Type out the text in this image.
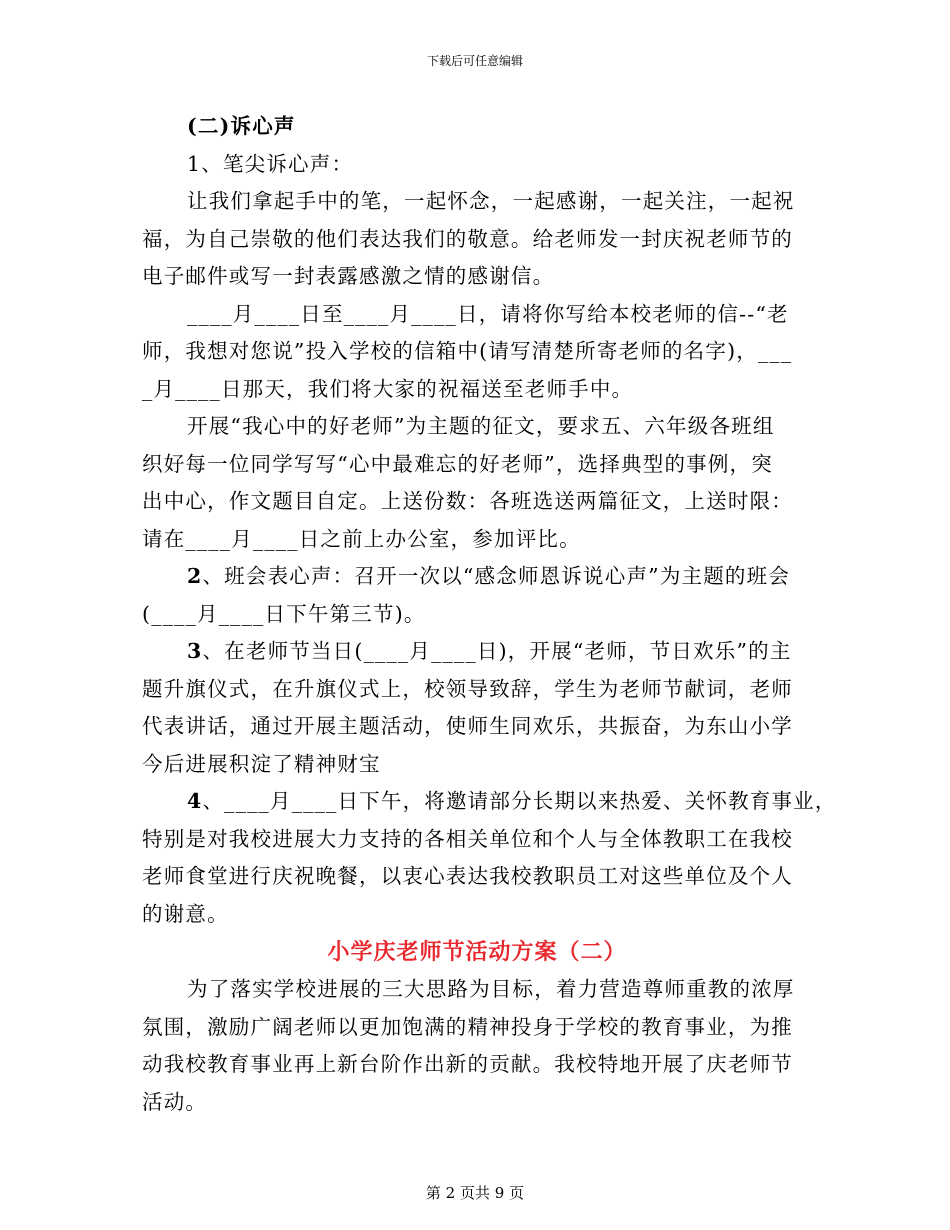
下载后可任意编辑
(二)诉心声
1、笔尖诉心声：
让我们拿起手中的笔，一起怀念，一起感谢，一起关注，一起祝
福，为自己崇敬的他们表达我们的敬意。给老师发一封庆祝老师节的
电子邮件或写一封表露感激之情的感谢信。
____月____日至____月____日，请将你写给本校老师的信--“老
师，我想对您说”投入学校的信箱中(请写清楚所寄老师的名字)，___
_月____日那天，我们将大家的祝福送至老师手中。
开展“我心中的好老师”为主题的征文，要求五、六年级各班组
织好每一位同学写写“心中最难忘的好老师”，选择典型的事例，突
出中心，作文题目自定。上送份数：各班选送两篇征文，上送时限：
请在____月____日之前上办公室，参加评比。
2、班会表心声：召开一次以“感念师恩诉说心声”为主题的班会
(____月____日下午第三节)。
3、在老师节当日(____月____日)，开展“老师，节日欢乐”的主
题升旗仪式，在升旗仪式上，校领导致辞，学生为老师节献词，老师
代表讲话，通过开展主题活动，使师生同欢乐，共振奋，为东山小学
今后进展积淀了精神财宝
4、____月____日下午，将邀请部分长期以来热爱、关怀教育事业，
特别是对我校进展大力支持的各相关单位和个人与全体教职工在我校
老师食堂进行庆祝晚餐，以衷心表达我校教职员工对这些单位及个人
的谢意。
小学庆老师节活动方案（二）
为了落实学校进展的三大思路为目标，着力营造尊师重教的浓厚
氛围，激励广阔老师以更加饱满的精神投身于学校的教育事业，为推
动我校教育事业再上新台阶作出新的贡献。我校特地开展了庆老师节
活动。
第 2 页共 9 页
